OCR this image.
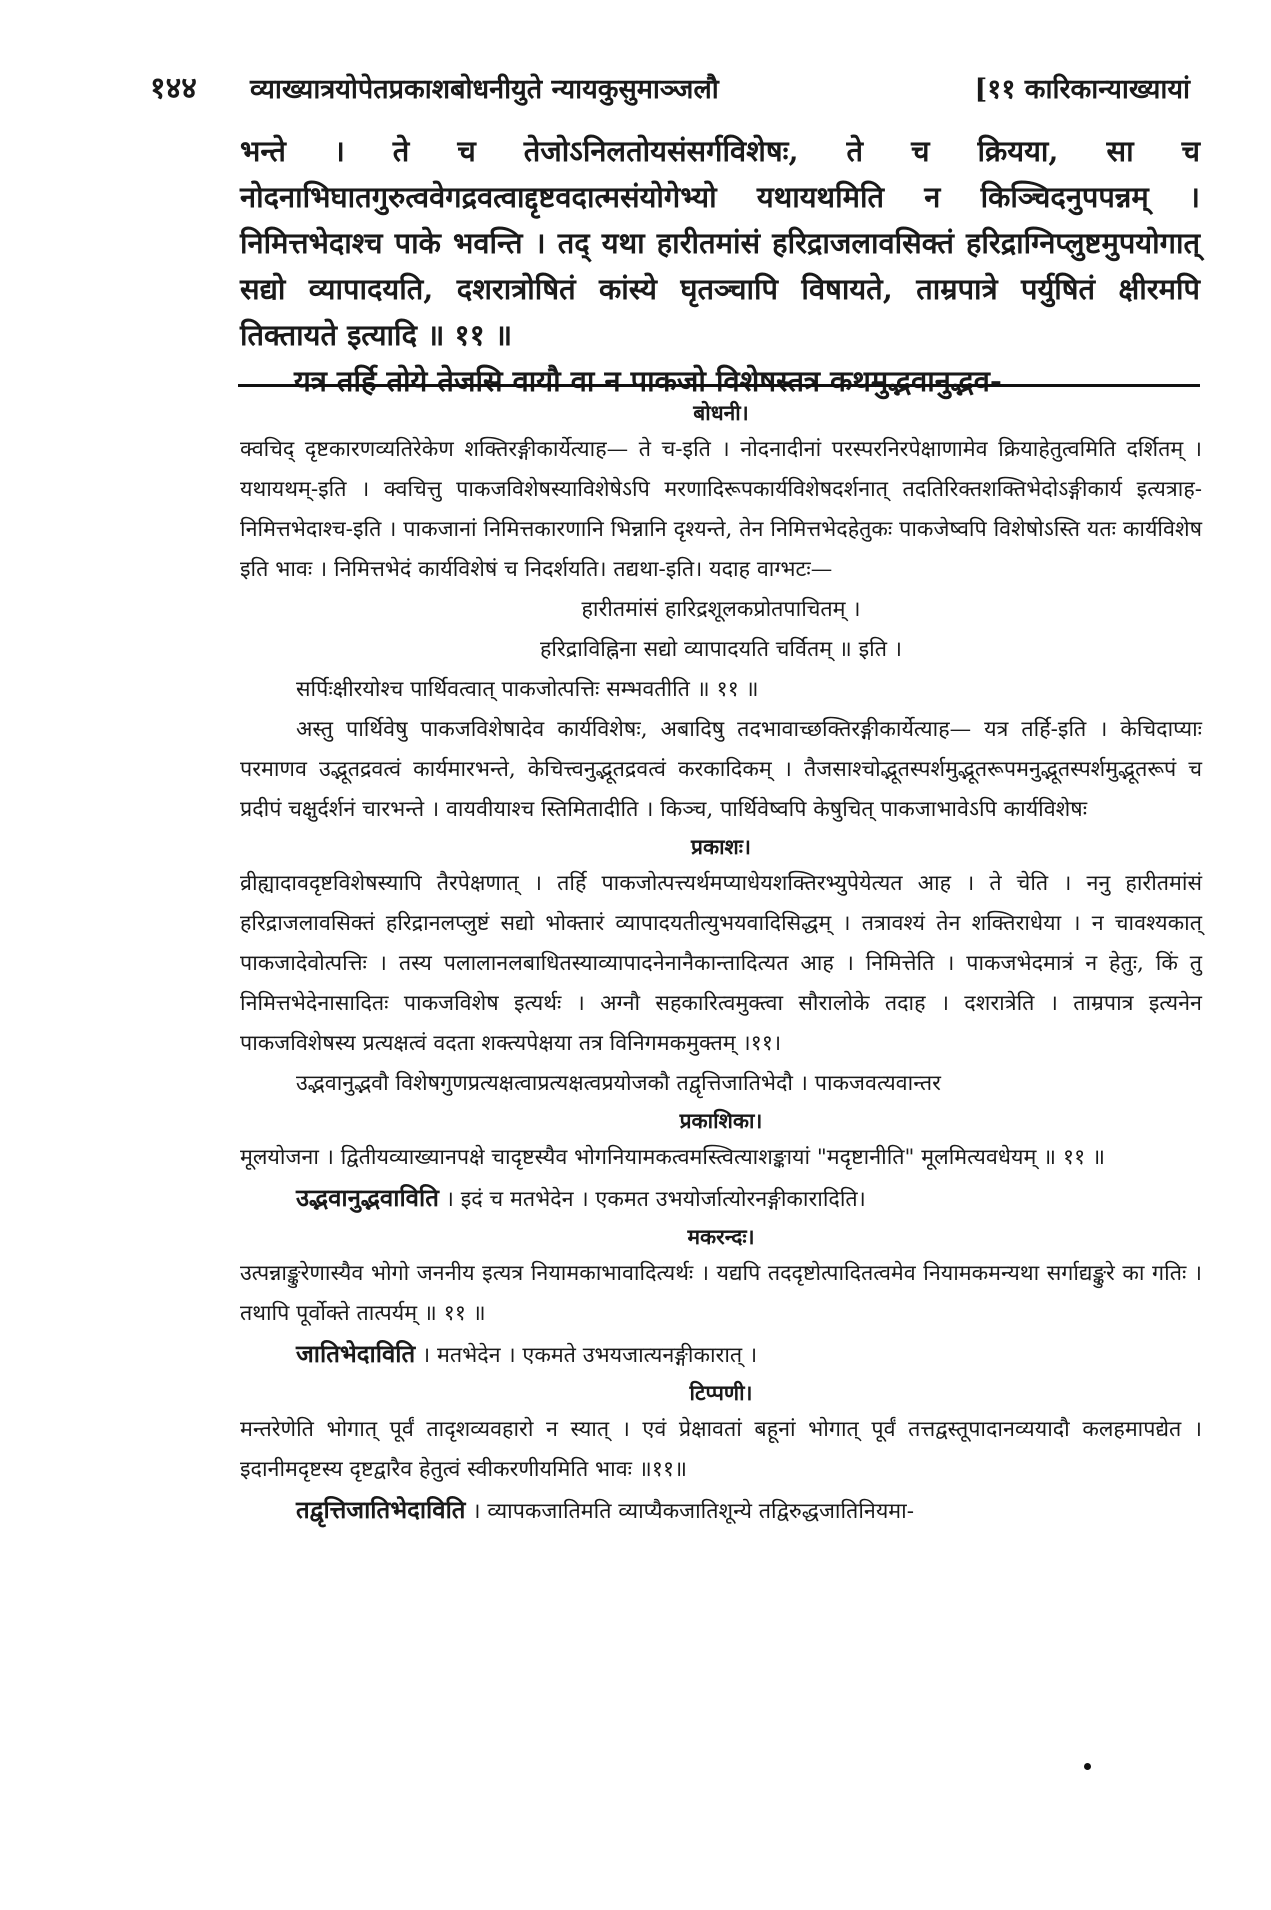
१४४	व्याख्यात्रयोपेतप्रकाशबोधनीयुते न्यायकुसुमाञ्जलौ	[११ कारिकान्याख्यायां

भन्ते । ते च तेजोऽनिलतोयसंसर्गविशेषः, ते च क्रियया, सा च नोदनाभिघातगुरुत्ववेगद्रवत्वाद्दृष्टवदात्मसंयोगेभ्यो यथायथमिति न किञ्चिदनुपपन्नम् । निमित्तभेदाश्च पाके भवन्ति । तद् यथा हारीतमांसं हरिद्राजलावसिक्तं हरिद्राग्निप्लुष्टमुपयोगात् सद्यो व्यापादयति, दशरात्रोषितं कांस्ये घृतञ्चापि विषायते, ताम्रपात्रे पर्युषितं क्षीरमपि तिक्तायते इत्यादि ॥ ११ ॥

यत्र तर्हि तोये तेजसि वायौ वा न पाकजो विशेषस्तत्र कथमुद्भवानुद्भव-

बोधनी।

क्वचिद् दृष्टकारणव्यतिरेकेण शक्तिरङ्गीकार्येत्याह— ते च-इति । नोदनादीनां परस्परनिरपेक्षाणामेव क्रियाहेतुत्वमिति दर्शितम् । यथायथम्-इति । क्वचित्तु पाकजविशेषस्याविशेषेऽपि मरणादिरूपकार्यविशेषदर्शनात् तदतिरिक्तशक्तिभेदोऽङ्गीकार्य इत्यत्राह-निमित्तभेदाश्च-इति । पाकजानां निमित्तकारणानि भिन्नानि दृश्यन्ते, तेन निमित्तभेदहेतुकः पाकजेष्वपि विशेषोऽस्ति यतः कार्यविशेष इति भावः । निमित्तभेदं कार्यविशेषं च निदर्शयति। तद्यथा-इति। यदाह वाग्भटः—

हारीतमांसं हारिद्रशूलकप्रोतपाचितम् ।

हरिद्राविह्निना सद्यो व्यापादयति चर्वितम् ॥ इति ।

सर्पिःक्षीरयोश्च पार्थिवत्वात् पाकजोत्पत्तिः सम्भवतीति ॥ ११ ॥

अस्तु पार्थिवेषु पाकजविशेषादेव कार्यविशेषः, अबादिषु तदभावाच्छक्तिरङ्गीकार्येत्याह— यत्र तर्हि-इति । केचिदाप्याः परमाणव उद्भूतद्रवत्वं कार्यमारभन्ते, केचित्त्वनुद्भूतद्रवत्वं करकादिकम् । तैजसाश्चोद्भूतस्पर्शमुद्भूतरूपमनुद्भूतस्पर्शमुद्भूतरूपं च प्रदीपं चक्षुर्दर्शनं चारभन्ते । वायवीयाश्च स्तिमितादीति । किञ्च, पार्थिवेष्वपि केषुचित् पाकजाभावेऽपि कार्यविशेषः

प्रकाशः।

व्रीह्यादावदृष्टविशेषस्यापि तैरपेक्षणात् । तर्हि पाकजोत्पत्त्यर्थमप्याधेयशक्तिरभ्युपेयेत्यत आह । ते चेति । ननु हारीतमांसं हरिद्राजलावसिक्तं हरिद्रानलप्लुष्टं सद्यो भोक्तारं व्यापादयतीत्युभयवादिसिद्धम् । तत्रावश्यं तेन शक्तिराधेया । न चावश्यकात् पाकजादेवोत्पत्तिः । तस्य पलालानलबाधितस्याव्यापादनेनानैकान्तादित्यत आह । निमित्तेति । पाकजभेदमात्रं न हेतुः, किं तु निमित्तभेदेनासादितः पाकजविशेष इत्यर्थः । अग्नौ सहकारित्वमुक्त्वा सौरालोके तदाह । दशरात्रेति । ताम्रपात्र इत्यनेन पाकजविशेषस्य प्रत्यक्षत्वं वदता शक्त्यपेक्षया तत्र विनिगमकमुक्तम् ।११।

उद्भवानुद्भवौ विशेषगुणप्रत्यक्षत्वाप्रत्यक्षत्वप्रयोजकौ तद्वृत्तिजातिभेदौ । पाकजवत्यवान्तर

प्रकाशिका।

मूलयोजना । द्वितीयव्याख्यानपक्षे चादृष्टस्यैव भोगनियामकत्वमस्त्वित्याशङ्कायां "मदृष्टानीति" मूलमित्यवधेयम् ॥ ११ ॥

उद्भवानुद्भवाविति । इदं च मतभेदेन । एकमत उभयोर्जात्योरनङ्गीकारादिति।

मकरन्दः।

उत्पन्नाङ्कुरेणास्यैव भोगो जननीय इत्यत्र नियामकाभावादित्यर्थः । यद्यपि तददृष्टोत्पादितत्वमेव नियामकमन्यथा सर्गाद्यङ्कुरे का गतिः । तथापि पूर्वोक्ते तात्पर्यम् ॥ ११ ॥

जातिभेदाविति । मतभेदेन । एकमते उभयजात्यनङ्गीकारात् ।

टिप्पणी।

मन्तरेणेति भोगात् पूर्वं तादृशव्यवहारो न स्यात् । एवं प्रेक्षावतां बहूनां भोगात् पूर्वं तत्तद्वस्तूपादानव्ययादौ कलहमापद्येत । इदानीमदृष्टस्य दृष्टद्वारैव हेतुत्वं स्वीकरणीयमिति भावः ॥११॥

तद्वृत्तिजातिभेदाविति । व्यापकजातिमति व्याप्यैकजातिशून्ये तद्विरुद्धजातिनियमा-
